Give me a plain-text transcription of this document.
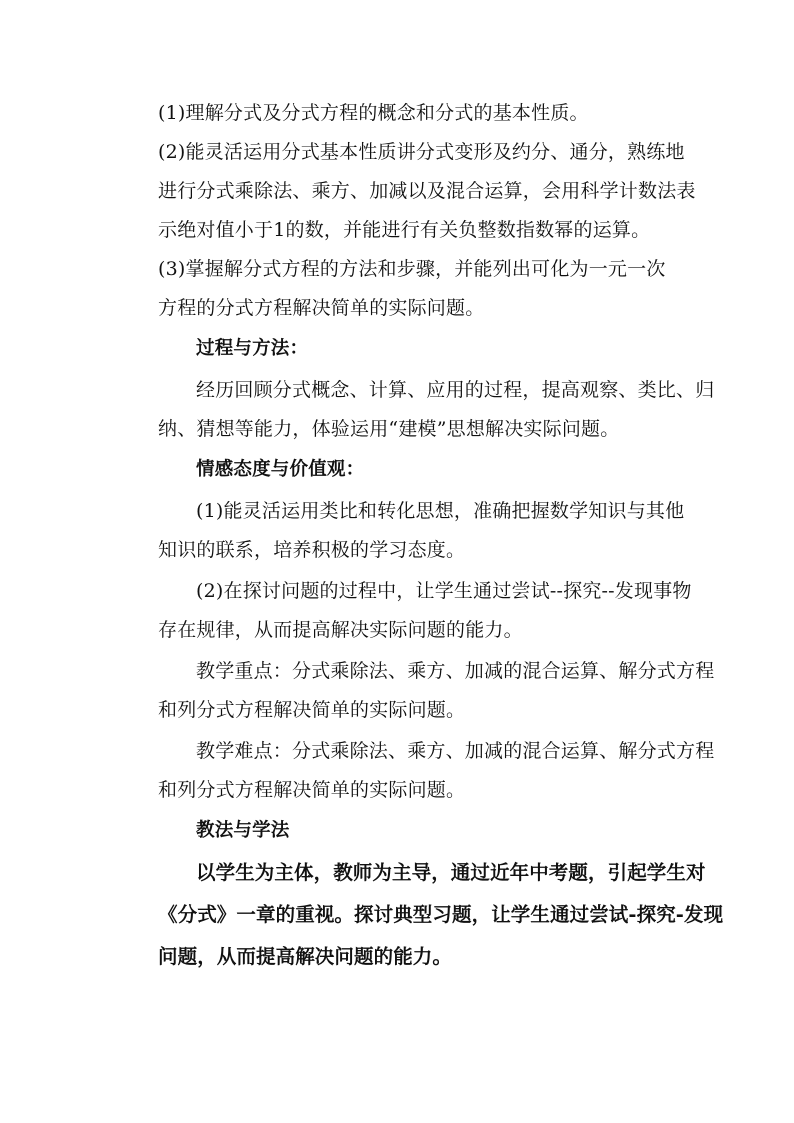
(1)理解分式及分式方程的概念和分式的基本性质。
(2)能灵活运用分式基本性质讲分式变形及约分、通分，熟练地
进行分式乘除法、乘方、加减以及混合运算，会用科学计数法表
示绝对值小于1的数，并能进行有关负整数指数幂的运算。
(3)掌握解分式方程的方法和步骤，并能列出可化为一元一次
方程的分式方程解决简单的实际问题。
过程与方法：
经历回顾分式概念、计算、应用的过程，提高观察、类比、归
纳、猜想等能力，体验运用“建模”思想解决实际问题。
情感态度与价值观：
(1)能灵活运用类比和转化思想，准确把握数学知识与其他
知识的联系，培养积极的学习态度。
(2)在探讨问题的过程中，让学生通过尝试--探究--发现事物
存在规律，从而提高解决实际问题的能力。
教学重点：分式乘除法、乘方、加减的混合运算、解分式方程
和列分式方程解决简单的实际问题。
教学难点：分式乘除法、乘方、加减的混合运算、解分式方程
和列分式方程解决简单的实际问题。
教法与学法
以学生为主体，教师为主导，通过近年中考题，引起学生对
《分式》一章的重视。探讨典型习题，让学生通过尝试-探究-发现
问题，从而提高解决问题的能力。
